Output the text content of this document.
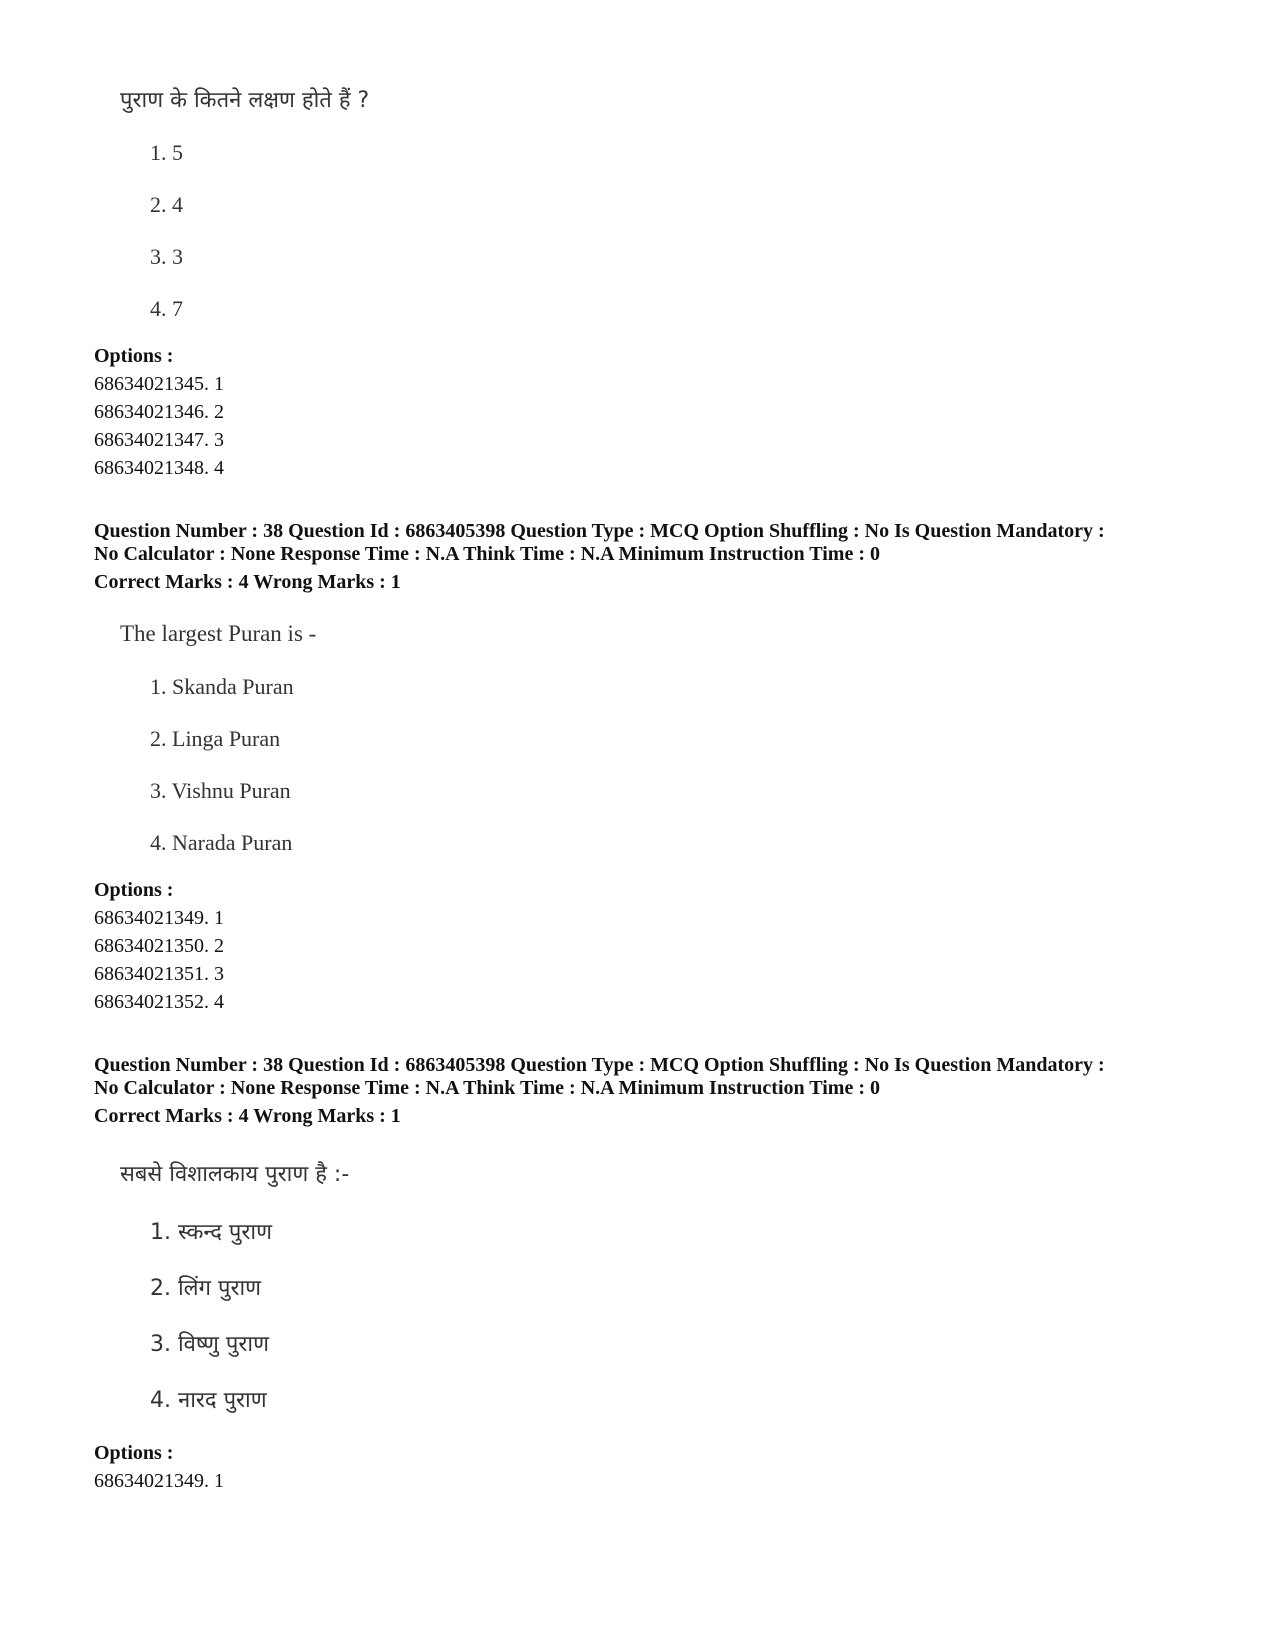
पुराण के कितने लक्षण होते हैं ?
1. 5
2. 4
3. 3
4. 7
Options :
68634021345. 1
68634021346. 2
68634021347. 3
68634021348. 4
Question Number : 38 Question Id : 6863405398 Question Type : MCQ Option Shuffling : No Is Question Mandatory :
No Calculator : None Response Time : N.A Think Time : N.A Minimum Instruction Time : 0
Correct Marks : 4 Wrong Marks : 1
The largest Puran is -
1. Skanda Puran
2. Linga Puran
3. Vishnu Puran
4. Narada Puran
Options :
68634021349. 1
68634021350. 2
68634021351. 3
68634021352. 4
Question Number : 38 Question Id : 6863405398 Question Type : MCQ Option Shuffling : No Is Question Mandatory :
No Calculator : None Response Time : N.A Think Time : N.A Minimum Instruction Time : 0
Correct Marks : 4 Wrong Marks : 1
सबसे विशालकाय पुराण है :-
1. स्कन्द पुराण
2. लिंग पुराण
3. विष्णु पुराण
4. नारद पुराण
Options :
68634021349. 1
